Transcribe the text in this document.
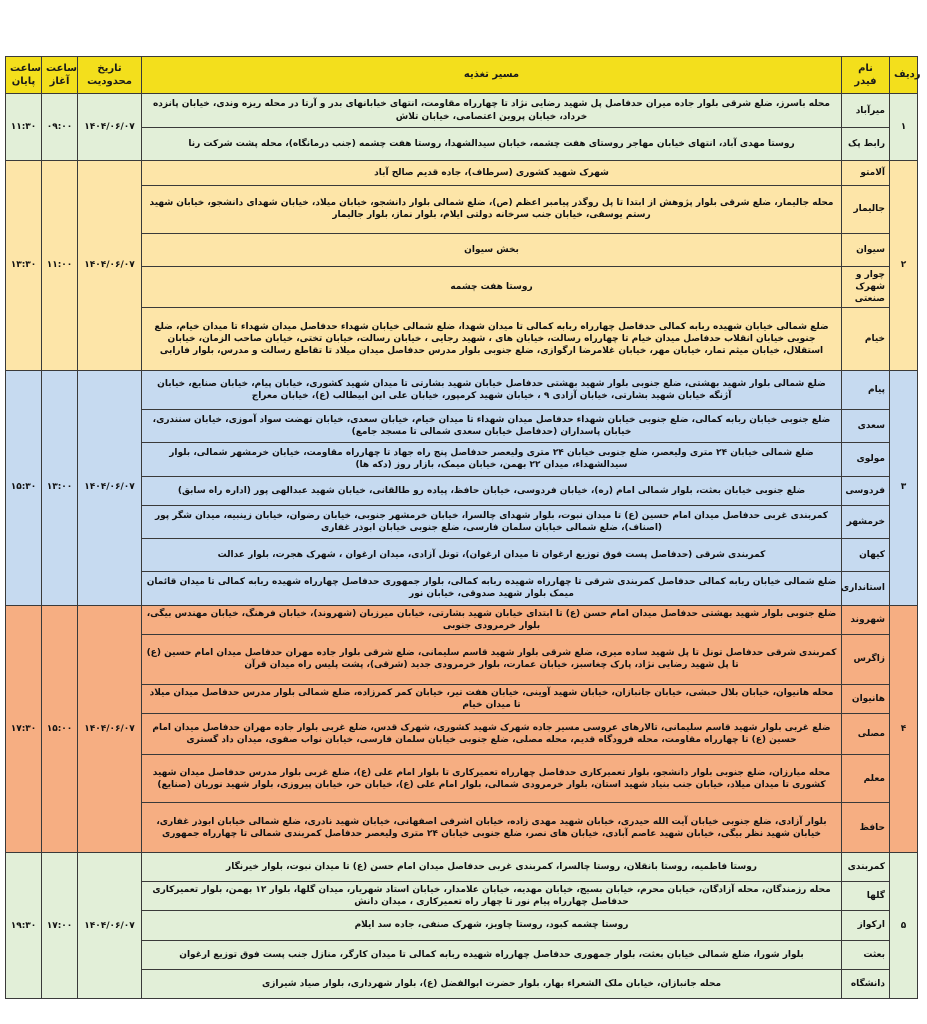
ساعت پایان	ساعت آغاز	تاریخ محدودیت	مسیر تغذیه	نام فیدر	ردیف
۱۱:۳۰	۰۹:۰۰	۱۴۰۴/۰۶/۰۷	محله باسرز، ضلع شرقی بلوار جاده میران حدفاصل پل شهید رضایی نژاد تا چهارراه مقاومت، انتهای خیابانهای بدر و آرتا در محله ریزه وندی، خیابان پانزده خرداد، خیابان پروین اعتصامی، خیابان تلاش	میرآباد	۱
			روستا مهدی آباد، انتهای خیابان مهاجر روستای هفت چشمه، خیابان سیدالشهدا، روستا هفت چشمه (جنب درمانگاه)، محله پشت شرکت رنا	رابط پک	
۱۳:۳۰	۱۱:۰۰	۱۴۰۴/۰۶/۰۷	شهرک شهید کشوری (سرطاف)، جاده قدیم صالح آباد	آلامتو	۲
			محله جالیمار، ضلع شرقی بلوار پژوهش از ابتدا تا پل روگذر پیامبر اعظم (ص)، ضلع شمالی بلوار دانشجو، خیابان میلاد، خیابان شهدای دانشجو، خیابان شهید رستم یوسفی، خیابان جنب سرخانه دولتی ایلام، بلوار نماز، بلوار جالیمار	جالیمار	
			بخش سیوان	سیوان	
			روستا هفت چشمه	چوار و شهرک صنعتی	
			ضلع شمالی خیابان شهیده ربابه کمالی حدفاصل چهارراه ربابه کمالی تا میدان شهدا، ضلع شمالی خیابان شهداء حدفاصل میدان شهداء تا میدان خیام، ضلع جنوبی خیابان انقلاب حدفاصل میدان خیام تا چهارراه رسالت، خیابان های ، شهید رجایی ، خیابان رسالت، خیابان تختی، خیابان صاحب الزمان، خیابان استقلال، خیابان میثم تمار، خیابان مهر، خیابان غلامرضا ارگوازی، ضلع جنوبی بلوار مدرس حدفاصل میدان میلاد تا تقاطع رسالت و مدرس، بلوار فارابی	خیام	
۱۵:۳۰	۱۳:۰۰	۱۴۰۴/۰۶/۰۷	ضلع شمالی بلوار شهید بهشتی، ضلع جنوبی بلوار شهید بهشتی حدفاصل خیابان شهید بشارتی تا میدان شهید کشوری، خیابان پیام، خیابان صنایع، خیابان آژنگه خیابان شهید بشارتی، خیابان آزادی ۹ ، خیابان شهید کرمپور، خیابان علی ابن ابیطالب (ع)، خیابان معراج	پیام	۳
			ضلع جنوبی خیابان ربابه کمالی، ضلع جنوبی خیابان شهداء حدفاصل میدان شهداء تا میدان خیام، خیابان سعدی، خیابان نهضت سواد آموزی، خیابان سنندری، خیابان پاسداران (حدفاصل خیابان سعدی شمالی تا مسجد جامع)	سعدی	
			ضلع شمالی خیابان ۲۴ متری ولیعصر، ضلع جنوبی خیابان ۲۴ متری ولیعصر حدفاصل پنج راه جهاد تا چهارراه مقاومت، خیابان خرمشهر شمالی، بلوار سیدالشهداء، میدان ۲۲ بهمن، خیابان میمک، بازار روز (دکه ها)	مولوی	
			ضلع جنوبی خیابان بعثت، بلوار شمالی امام (ره)، خیابان فردوسی، خیابان حافظ، پیاده رو طالقانی، خیابان شهید عبدالهی پور (اداره راه سابق)	فردوسی	
			کمربندی غربی حدفاصل میدان امام حسین (ع) تا میدان نبوت، بلوار شهدای چالسرا، خیابان خرمشهر جنوبی، خیابان رضوان، خیابان زینبیه، میدان شگر پور (اصناف)، ضلع شمالی خیابان سلمان فارسی، ضلع جنوبی خیابان ابوذر غفاری	خرمشهر	
			کمربندی شرقی (حدفاصل پست فوق توزیع ارغوان تا میدان ارغوان)، تونل آزادی، میدان ارغوان ، شهرک هجرت، بلوار عدالت	کیهان	
			ضلع شمالی خیابان ربابه کمالی حدفاصل کمربندی شرقی تا چهارراه شهیده ربابه کمالی، بلوار جمهوری حدفاصل چهارراه شهیده ربابه کمالی تا میدان قائمان میمک بلوار شهید صدوقی، خیابان نور	استانداری	
۱۷:۳۰	۱۵:۰۰	۱۴۰۴/۰۶/۰۷	ضلع جنوبی بلوار شهید بهشتی حدفاصل میدان امام حسن (ع) تا ابتدای خیابان شهید بشارتی، خیابان میرزبان (شهروند)، خیابان فرهنگ، خیابان مهندس بیگی، بلوار خرمرودی جنوبی	شهروند	۴
			کمربندی شرقی حدفاصل تونل تا پل شهید ساده میری، ضلع شرقی بلوار شهید قاسم سلیمانی، ضلع شرقی بلوار جاده مهران حدفاصل میدان امام حسین (ع) تا پل شهید رضایی نژاد، پارک چغاسبز، خیابان عمارت، بلوار خرمرودی جدید (شرقی)، پشت پلیس راه میدان قرآن	زاگرس	
			محله هانیوان، خیابان بلال حبشی، خیابان جانبازان، خیابان شهید آوینی، خیابان هفت تیر، خیابان کمر کمرزاده، ضلع شمالی بلوار مدرس حدفاصل میدان میلاد تا میدان خیام	هانیوان	
			ضلع غربی بلوار شهید قاسم سلیمانی، تالارهای عروسی مسیر جاده شهرک شهید کشوری، شهرک قدس، ضلع غربی بلوار جاده مهران حدفاصل میدان امام حسین (ع) تا چهارراه مقاومت، محله فرودگاه قدیم، محله مصلی، ضلع جنوبی خیابان سلمان فارسی، خیابان نواب صفوی، میدان داد گستری	مصلی	
			محله میارزان، ضلع جنوبی بلوار دانشجو، بلوار تعمیرکاری حدفاصل چهارراه تعمیرکاری تا بلوار امام علی (ع)، ضلع غربی بلوار مدرس حدفاصل میدان شهید کشوری تا میدان میلاد، خیابان جنب بنیاد شهید استان، بلوار خرمرودی شمالی، بلوار امام علی (ع)، خیابان حر، خیابان پیروزی، بلوار شهید نوریان (صنایع)	معلم	
			بلوار آزادی، ضلع جنوبی خیابان آیت الله حیدری، خیابان شهید مهدی زاده، خیابان اشرفی اصفهانی، خیابان شهید نادری، ضلع شمالی خیابان ابوذر غفاری، خیابان شهید نظر بیگی، خیابان شهید عاصم آبادی، خیابان های نصر، ضلع جنوبی خیابان ۲۴ متری ولیعصر حدفاصل کمربندی شمالی تا چهارراه جمهوری	حافظ	
۱۹:۳۰	۱۷:۰۰	۱۴۰۴/۰۶/۰۷	روستا فاطمیه، روستا بانقلان، روستا چالسرا، کمربندی غربی حدفاصل میدان امام حسن (ع) تا میدان نبوت، بلوار خیرنگار	کمربندی	۵
			محله رزمندگان، محله آزادگان، خیابان محرم، خیابان بسیج، خیابان مهدیه، خیابان علامدار، خیابان استاد شهریار، میدان گلها، بلوار ۱۲ بهمن، بلوار تعمیرکاری حدفاصل چهارراه پیام نور تا چهار راه تعمیرکاری ، میدان دانش	گلها	
			روستا چشمه کبود، روستا چاویز، شهرک صنفی، جاده سد ایلام	ارکواز	
			بلوار شورا، ضلع شمالی خیابان بعثت، بلوار جمهوری حدفاصل چهارراه شهیده ربابه کمالی تا میدان کارگر، منازل جنب پست فوق توزیع ارغوان	بعثت	
			محله جانبازان، خیابان ملک الشعراء بهار، بلوار حضرت ابوالفضل (ع)، بلوار شهرداری، بلوار صیاد شیرازی	دانشگاه	
